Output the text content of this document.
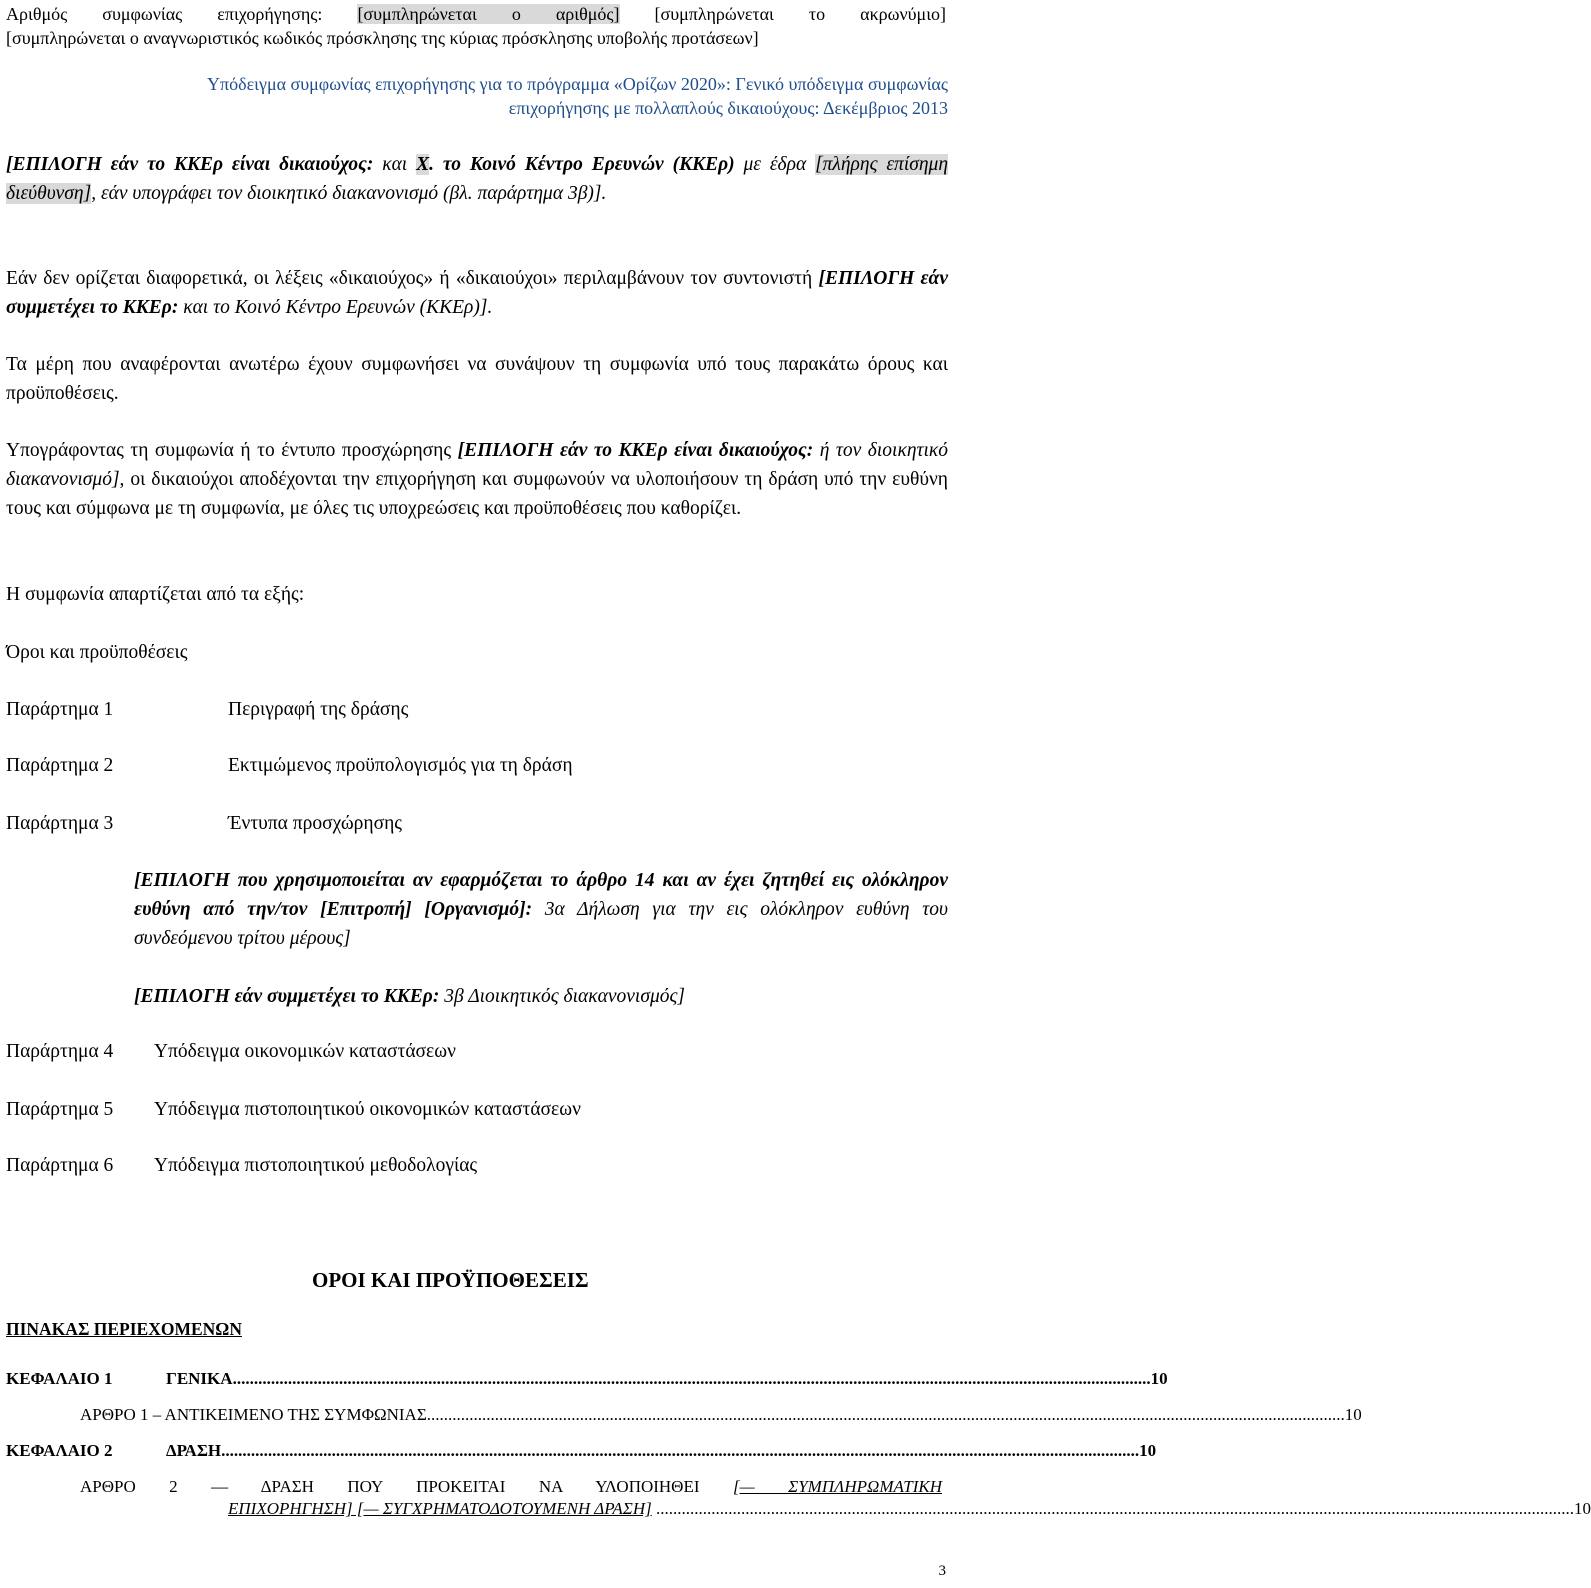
Αριθμός συμφωνίας επιχορήγησης: [συμπληρώνεται ο αριθμός] [συμπληρώνεται το ακρωνύμιο]
[συμπληρώνεται ο αναγνωριστικός κωδικός πρόσκλησης της κύριας πρόσκλησης υποβολής προτάσεων]
Υπόδειγμα συμφωνίας επιχορήγησης για το πρόγραμμα «Ορίζων 2020»: Γενικό υπόδειγμα συμφωνίας
επιχορήγησης με πολλαπλούς δικαιούχους: Δεκέμβριος 2013
[ΕΠΙΛΟΓΗ εάν το ΚΚΕρ είναι δικαιούχος: και X. το Κοινό Κέντρο Ερευνών (ΚΚΕρ) με έδρα [πλήρης επίσημη διεύθυνση], εάν υπογράφει τον διοικητικό διακανονισμό (βλ. παράρτημα 3β)].
Εάν δεν ορίζεται διαφορετικά, οι λέξεις «δικαιούχος» ή «δικαιούχοι» περιλαμβάνουν τον συντονιστή [ΕΠΙΛΟΓΗ εάν συμμετέχει το ΚΚΕρ: και το Κοινό Κέντρο Ερευνών (ΚΚΕρ)].
Τα μέρη που αναφέρονται ανωτέρω έχουν συμφωνήσει να συνάψουν τη συμφωνία υπό τους παρακάτω όρους και προϋποθέσεις.
Υπογράφοντας τη συμφωνία ή το έντυπο προσχώρησης [ΕΠΙΛΟΓΗ εάν το ΚΚΕρ είναι δικαιούχος: ή τον διοικητικό διακανονισμό], οι δικαιούχοι αποδέχονται την επιχορήγηση και συμφωνούν να υλοποιήσουν τη δράση υπό την ευθύνη τους και σύμφωνα με τη συμφωνία, με όλες τις υποχρεώσεις και προϋποθέσεις που καθορίζει.
Η συμφωνία απαρτίζεται από τα εξής:
Όροι και προϋποθέσεις
Παράρτημα 1	Περιγραφή της δράσης
Παράρτημα 2	Εκτιμώμενος προϋπολογισμός για τη δράση
Παράρτημα 3	Έντυπα προσχώρησης
[ΕΠΙΛΟΓΗ που χρησιμοποιείται αν εφαρμόζεται το άρθρο 14 και αν έχει ζητηθεί εις ολόκληρον ευθύνη από την/τον [Επιτροπή] [Οργανισμό]: 3α Δήλωση για την εις ολόκληρον ευθύνη του συνδεόμενου τρίτου μέρους]
[ΕΠΙΛΟΓΗ εάν συμμετέχει το ΚΚΕρ: 3β Διοικητικός διακανονισμός]
Παράρτημα 4 Υπόδειγμα οικονομικών καταστάσεων
Παράρτημα 5 Υπόδειγμα πιστοποιητικού οικονομικών καταστάσεων
Παράρτημα 6 Υπόδειγμα πιστοποιητικού μεθοδολογίας
ΟΡΟΙ ΚΑΙ ΠΡΟΫΠΟΘΕΣΕΙΣ
ΠΙΝΑΚΑΣ ΠΕΡΙΕΧΟΜΕΝΩΝ
ΚΕΦΑΛΑΙΟ 1	ΓΕΝΙΚΑ ........................................................................................................................................................................................................................ 10
ΑΡΘΡΟ 1 – ΑΝΤΙΚΕΙΜΕΝΟ ΤΗΣ ΣΥΜΦΩΝΙΑΣ ........................................................................................................................................................................................................................ 10
ΚΕΦΑΛΑΙΟ 2	ΔΡΑΣΗ ........................................................................................................................................................................................................................ 10
ΑΡΘΡΟ 2 — ΔΡΑΣΗ ΠΟΥ ΠΡΟΚΕΙΤΑΙ ΝΑ ΥΛΟΠΟΙΗΘΕΙ [— ΣΥΜΠΛΗΡΩΜΑΤΙΚΗ
ΕΠΙΧΟΡΗΓΗΣΗ] [— ΣΥΓΧΡΗΜΑΤΟΔΟΤΟΥΜΕΝΗ ΔΡΑΣΗ] ........................................................................................................................................................................................................................ 10
3
